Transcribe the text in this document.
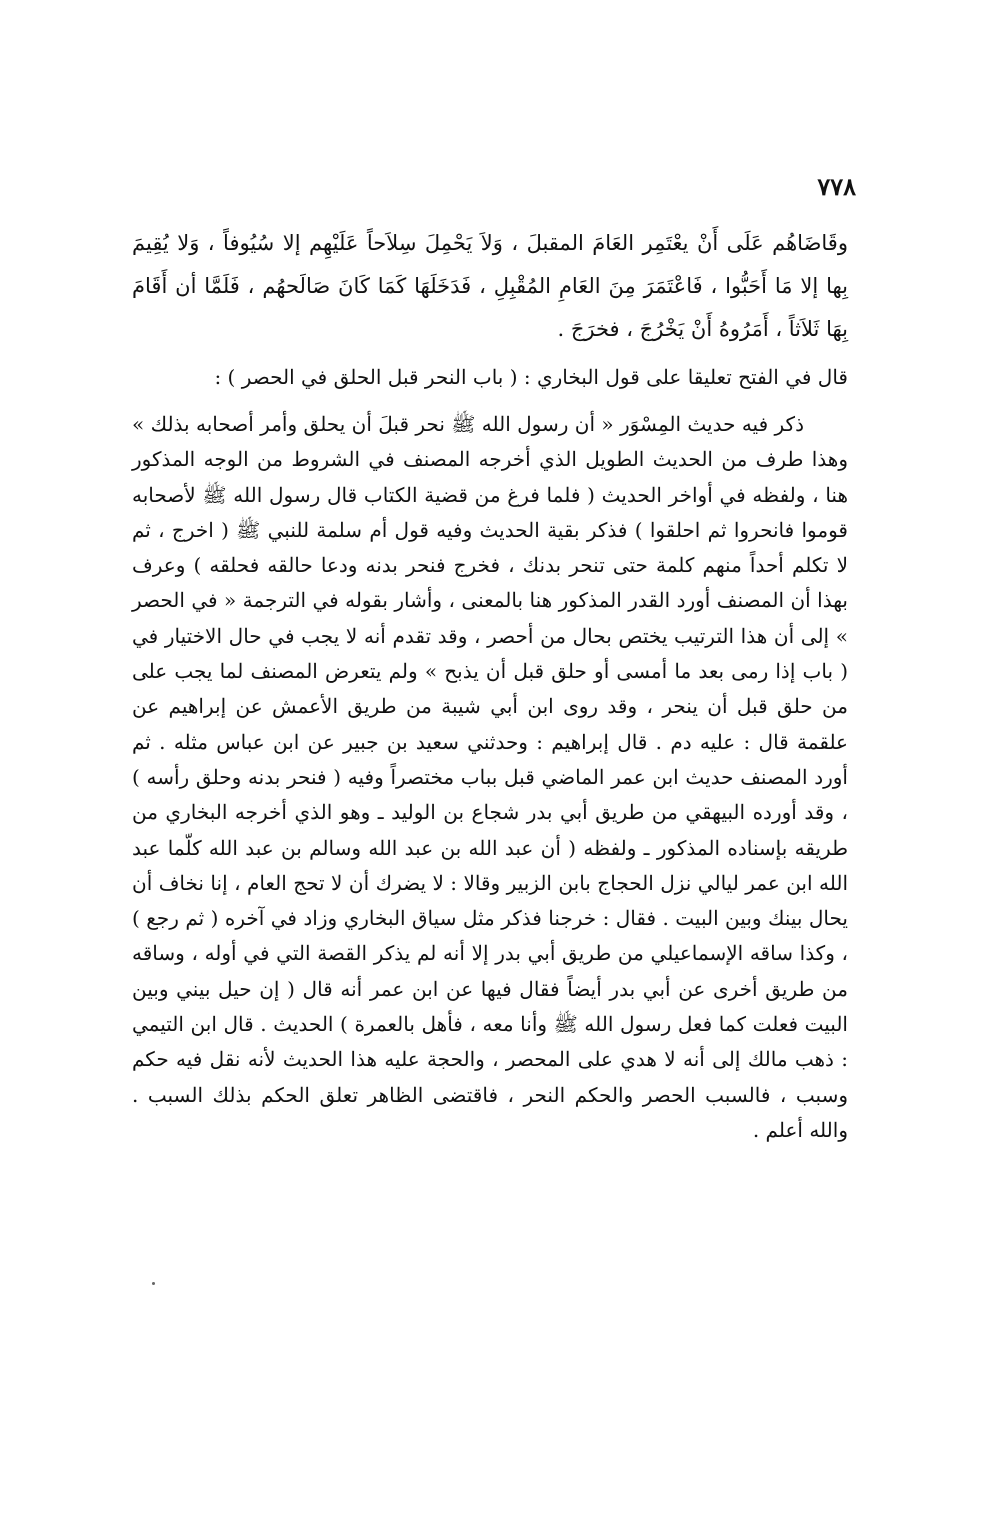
٧٧٨

وقَاضَاهُم عَلَى أَنْ يعْتَمِر العَامَ المقبلَ ، وَلاَ يَحْمِلَ سِلاَحاً عَلَيْهِم إلا سُيُوفاً ، وَلا يُقِيمَ بِها إلا مَا أَحَبُّوا ، فَاعْتَمَرَ مِنَ العَامِ المُقْبِلِ ، فَدَخَلَهَا كَمَا كَانَ صَالَحهُم ، فَلَمَّا أن أَقَامَ بِهَا ثَلاَثاً ، أَمَرُوهُ أَنْ يَخْرُجَ ، فخرَجَ .

قال في الفتح تعليقا على قول البخاري : ( باب النحر قبل الحلق في الحصر ) :

ذكر فيه حديث المِسْوَر « أن رسول الله ﷺ نحر قبلَ أن يحلق وأمر أصحابه بذلك » وهذا طرف من الحديث الطويل الذي أخرجه المصنف في الشروط من الوجه المذكور هنا ، ولفظه في أواخر الحديث ( فلما فرغ من قضية الكتاب قال رسول الله ﷺ لأصحابه قوموا فانحروا ثم احلقوا ) فذكر بقية الحديث وفيه قول أم سلمة للنبي ﷺ ( اخرج ، ثم لا تكلم أحداً منهم كلمة حتى تنحر بدنك ، فخرج فنحر بدنه ودعا حالقه فحلقه ) وعرف بهذا أن المصنف أورد القدر المذكور هنا بالمعنى ، وأشار بقوله في الترجمة « في الحصر » إلى أن هذا الترتيب يختص بحال من أحصر ، وقد تقدم أنه لا يجب في حال الاختيار في ( باب إذا رمى بعد ما أمسى أو حلق قبل أن يذبح » ولم يتعرض المصنف لما يجب على من حلق قبل أن ينحر ، وقد روى ابن أبي شيبة من طريق الأعمش عن إبراهيم عن علقمة قال : عليه دم . قال إبراهيم : وحدثني سعيد بن جبير عن ابن عباس مثله . ثم أورد المصنف حديث ابن عمر الماضي قبل بباب مختصراً وفيه ( فنحر بدنه وحلق رأسه ) ، وقد أورده البيهقي من طريق أبي بدر شجاع بن الوليد ـ وهو الذي أخرجه البخاري من طريقه بإسناده المذكور ـ ولفظه ( أن عبد الله بن عبد الله وسالم بن عبد الله كلّما عبد الله ابن عمر ليالي نزل الحجاج بابن الزبير وقالا : لا يضرك أن لا تحج العام ، إنا نخاف أن يحال بينك وبين البيت . فقال : خرجنا فذكر مثل سياق البخاري وزاد في آخره ( ثم رجع ) ، وكذا ساقه الإسماعيلي من طريق أبي بدر إلا أنه لم يذكر القصة التي في أوله ، وساقه من طريق أخرى عن أبي بدر أيضاً فقال فيها عن ابن عمر أنه قال ( إن حيل بيني وبين البيت فعلت كما فعل رسول الله ﷺ وأنا معه ، فأهل بالعمرة ) الحديث . قال ابن التيمي : ذهب مالك إلى أنه لا هدي على المحصر ، والحجة عليه هذا الحديث لأنه نقل فيه حكم وسبب ، فالسبب الحصر والحكم النحر ، فاقتضى الظاهر تعلق الحكم بذلك السبب . والله أعلم .
